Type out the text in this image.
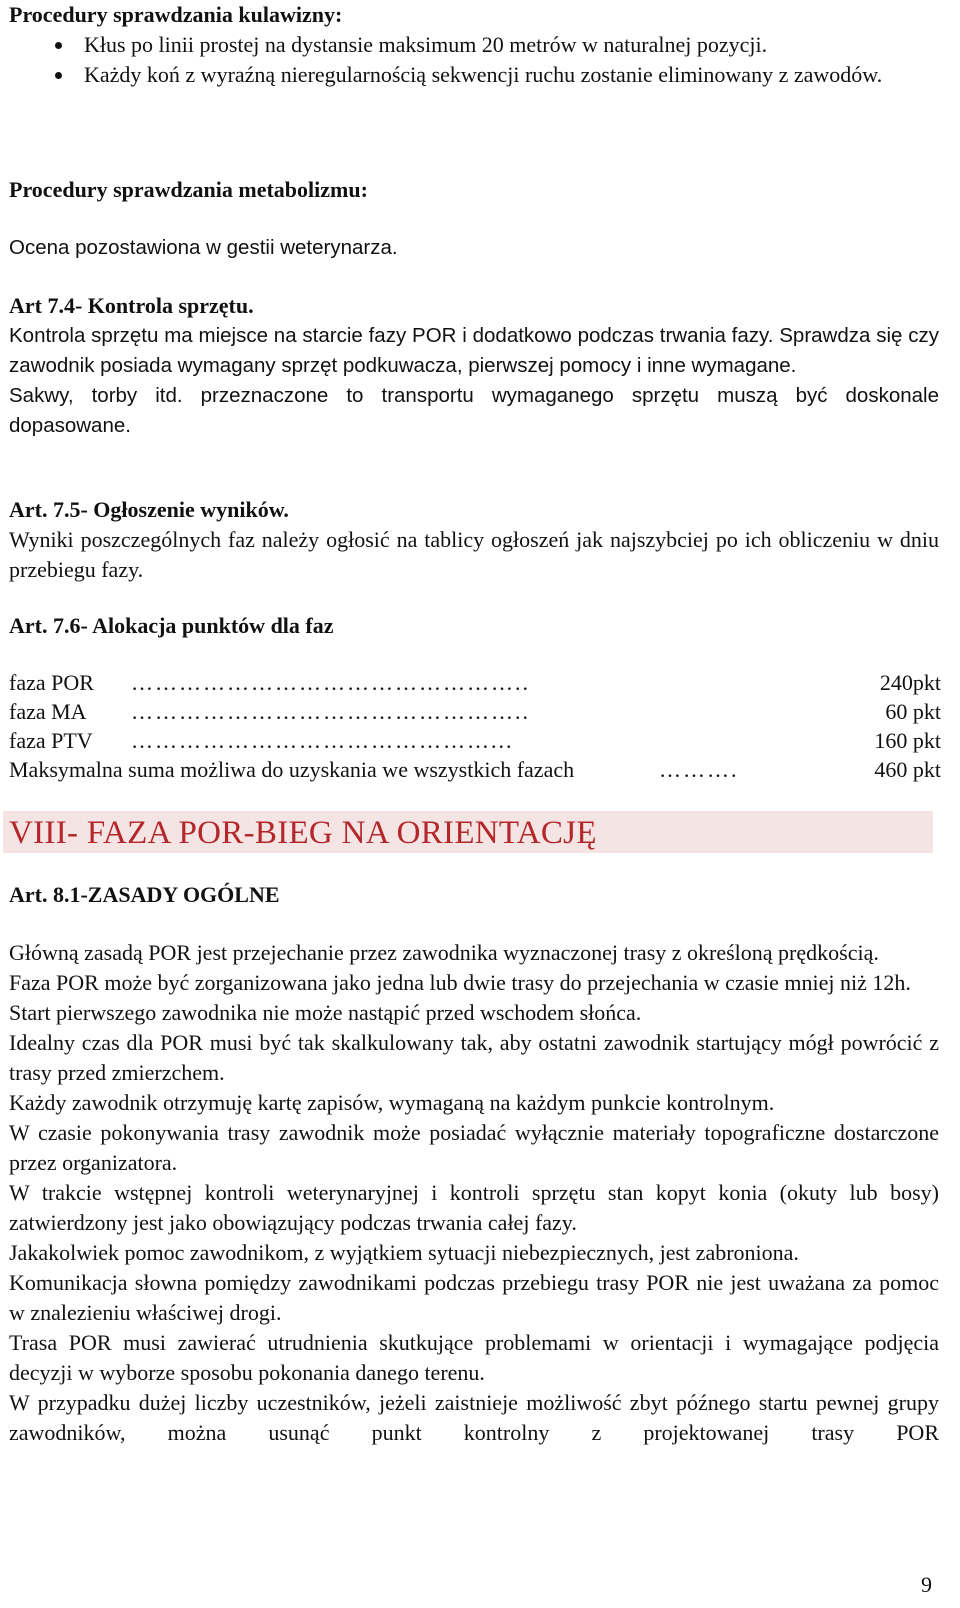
Procedury sprawdzania kulawizny:

Kłus po linii prostej na dystansie maksimum 20 metrów w naturalnej pozycji.
Każdy koń z wyraźną nieregularnością sekwencji ruchu zostanie eliminowany z zawodów.

Procedury sprawdzania metabolizmu:

Ocena pozostawiona w gestii weterynarza.

Art 7.4- Kontrola sprzętu.

Kontrola sprzętu ma miejsce na starcie fazy POR i dodatkowo podczas trwania fazy. Sprawdza się czy zawodnik posiada wymagany sprzęt podkuwacza, pierwszej pomocy i inne wymagane.

Sakwy, torby itd. przeznaczone to transportu wymaganego sprzętu muszą być doskonale dopasowane.

Art. 7.5- Ogłoszenie wyników.

Wyniki poszczególnych faz należy ogłosić na tablicy ogłoszeń jak najszybciej po ich obliczeniu w dniu przebiegu fazy.

Art. 7.6- Alokacja punktów dla faz

faza POR …………………………………………..	240pkt
faza MA …………………………………………..	60 pkt
faza PTV ………………………………………...	160 pkt
Maksymalna suma możliwa do uzyskania we wszystkich fazach	……….	460 pkt
VIII- FAZA POR-BIEG NA ORIENTACJĘ

Art. 8.1-ZASADY OGÓLNE

Główną zasadą POR jest przejechanie przez zawodnika wyznaczonej trasy z określoną prędkością.

Faza POR może być zorganizowana jako jedna lub dwie trasy do przejechania w czasie mniej niż 12h.

Start pierwszego zawodnika nie może nastąpić przed wschodem słońca.

Idealny czas dla POR musi być tak skalkulowany tak, aby ostatni zawodnik startujący mógł powrócić z trasy przed zmierzchem.

Każdy zawodnik otrzymuję kartę zapisów, wymaganą na każdym punkcie kontrolnym.

W czasie pokonywania trasy zawodnik może posiadać wyłącznie materiały topograficzne dostarczone przez organizatora.

W trakcie wstępnej kontroli weterynaryjnej i kontroli sprzętu stan kopyt konia (okuty lub bosy) zatwierdzony jest jako obowiązujący podczas trwania całej fazy.

Jakakolwiek pomoc zawodnikom, z wyjątkiem sytuacji niebezpiecznych, jest zabroniona.

Komunikacja słowna pomiędzy zawodnikami podczas przebiegu trasy POR nie jest uważana za pomoc w znalezieniu właściwej drogi.

Trasa POR musi zawierać utrudnienia skutkujące problemami w orientacji i wymagające podjęcia decyzji w wyborze sposobu pokonania danego terenu.

W przypadku dużej liczby uczestników, jeżeli zaistnieje możliwość zbyt późnego startu pewnej grupy zawodników, można usunąć punkt kontrolny z projektowanej trasy POR

9
